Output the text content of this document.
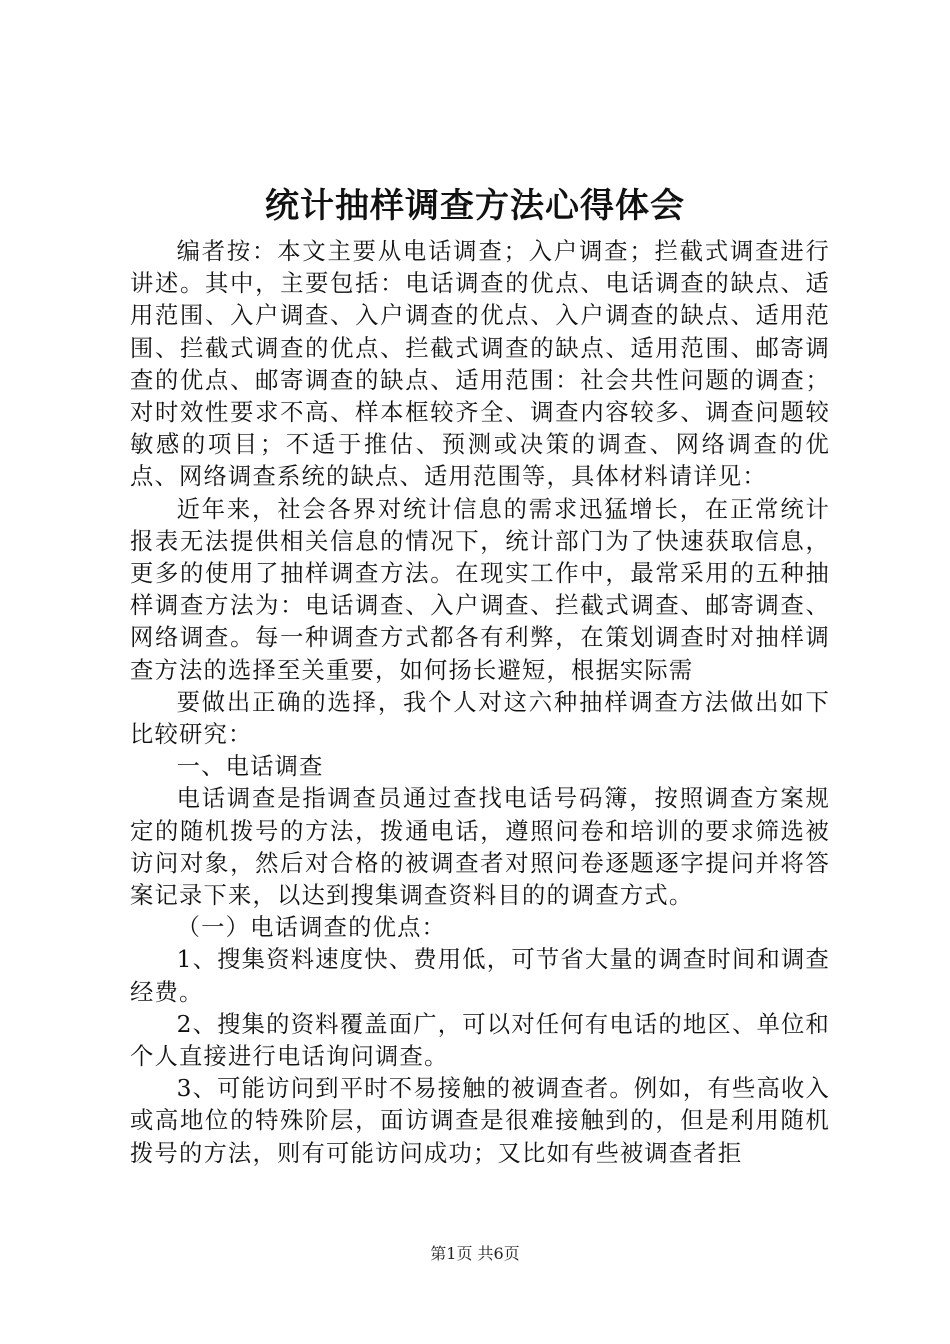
统计抽样调查方法心得体会

编者按：本文主要从电话调查；入户调查；拦截式调查进行讲述。其中，主要包括：电话调查的优点、电话调查的缺点、适用范围、入户调查、入户调查的优点、入户调查的缺点、适用范围、拦截式调查的优点、拦截式调查的缺点、适用范围、邮寄调查的优点、邮寄调查的缺点、适用范围：社会共性问题的调查；对时效性要求不高、样本框较齐全、调查内容较多、调查问题较敏感的项目；不适于推估、预测或决策的调查、网络调查的优点、网络调查系统的缺点、适用范围等，具体材料请详见：

近年来，社会各界对统计信息的需求迅猛增长，在正常统计报表无法提供相关信息的情况下，统计部门为了快速获取信息，更多的使用了抽样调查方法。在现实工作中，最常采用的五种抽样调查方法为：电话调查、入户调查、拦截式调查、邮寄调查、网络调查。每一种调查方式都各有利弊，在策划调查时对抽样调查方法的选择至关重要，如何扬长避短，根据实际需

要做出正确的选择，我个人对这六种抽样调查方法做出如下比较研究：

一、电话调查

电话调查是指调查员通过查找电话号码簿，按照调查方案规定的随机拨号的方法，拨通电话，遵照问卷和培训的要求筛选被访问对象，然后对合格的被调查者对照问卷逐题逐字提问并将答案记录下来，以达到搜集调查资料目的的调查方式。

（一）电话调查的优点：

1、搜集资料速度快、费用低，可节省大量的调查时间和调查经费。

2、搜集的资料覆盖面广，可以对任何有电话的地区、单位和个人直接进行电话询问调查。

3、可能访问到平时不易接触的被调查者。例如，有些高收入或高地位的特殊阶层，面访调查是很难接触到的，但是利用随机拨号的方法，则有可能访问成功；又比如有些被调查者拒

第1页 共6页
